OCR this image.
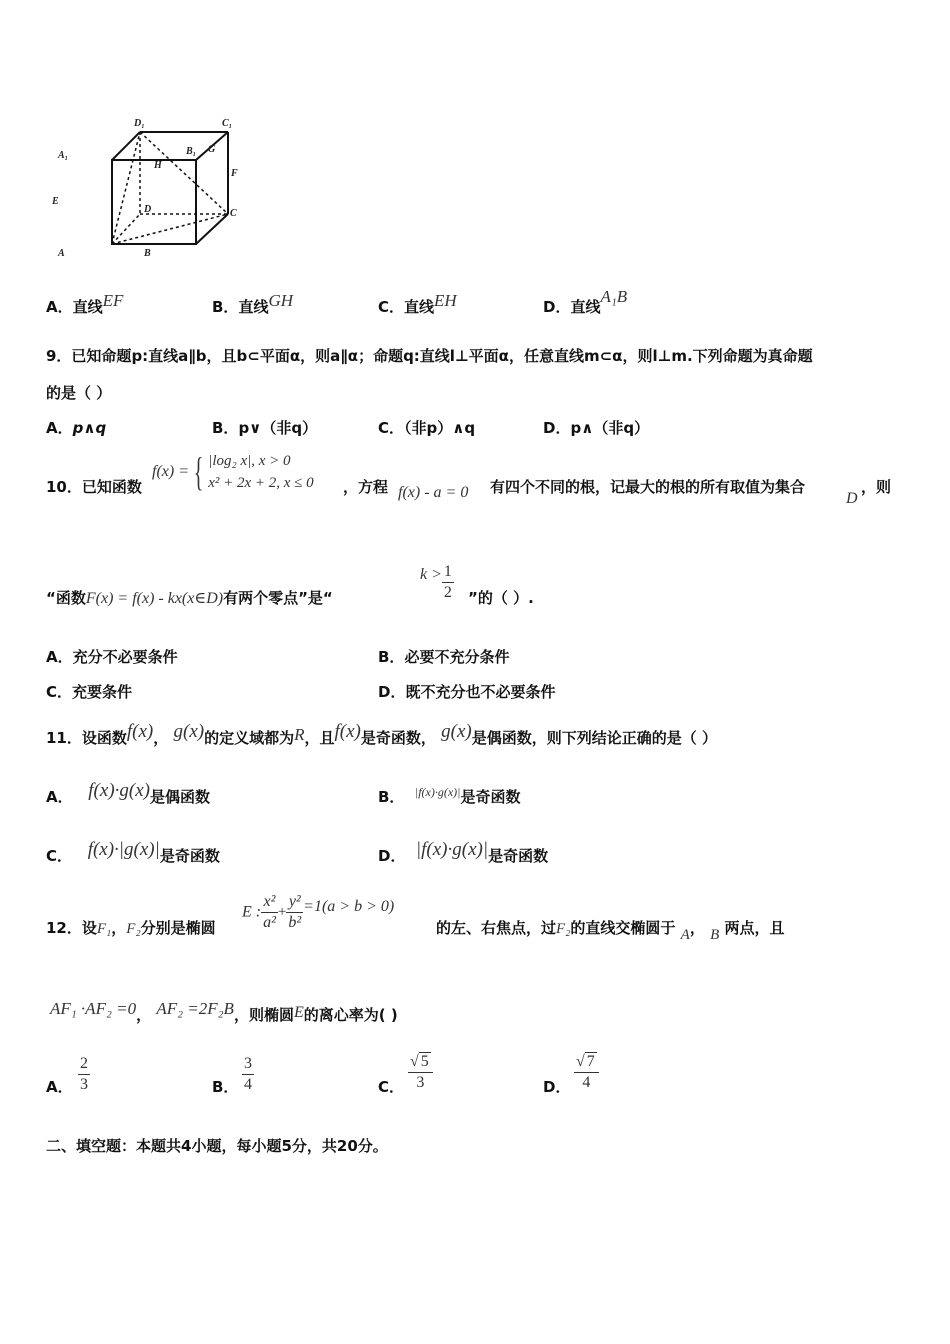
A₁
D₁	C₁
B₁ G
H
F
E
D	C
A	B
A．直线EF	B．直线GH	C．直线EH	D．直线A₁B
9．已知命题p:直线a∥b，且b⊂平面α，则a∥α；命题q:直线l⊥平面α，任意直线m⊂α，则l⊥m.下列命题为真命题
的是（ ）
A．p∧q	B．p∨（非q）	C．（非p）∧q	D．p∧（非q）
10．已知函数
f(x) = { |log₂ x|, x > 0
x² + 2x + 2, x ≤ 0 ，方程 f(x) - a = 0 有四个不同的根，记最大的根的所有取值为集合
D
，则
“函数F(x) = f(x) - kx(x∈D)有两个零点”是“
$k > \frac{1}{2}$ ”的（ ）.
A．充分不必要条件	B．必要不充分条件
C．充要条件	D．既不充分也不必要条件
11．设函数f(x)， g(x)的定义域都为R，且f(x)是奇函数， g(x)是偶函数，则下列结论正确的是（ ）
A． f(x)·g(x)是偶函数	B． $^{|f(x)\cdot g(x)|}$是奇函数
C． f(x)·|g(x)|是奇函数	D． |f(x)·g(x)|是奇函数
12．设F₁，F₂分别是椭圆
E : $\frac{\text{x²}}{\text{a²}} + \frac{\text{y²}}{\text{b²}} =1(a > b > 0)$
的左、右焦点，过F₂的直线交椭圆于 A， B 两点，且
AF₁ ·AF₂ =0， AF₂ =2F₂B，则椭圆E的离心率为( )
A． $\frac{2}{3}$	B． $\frac{3}{4}$	C． $\frac{√ 5}{3}$	D． $\frac{√ 7}{4}$
二、填空题：本题共4小题，每小题5分，共20分。
